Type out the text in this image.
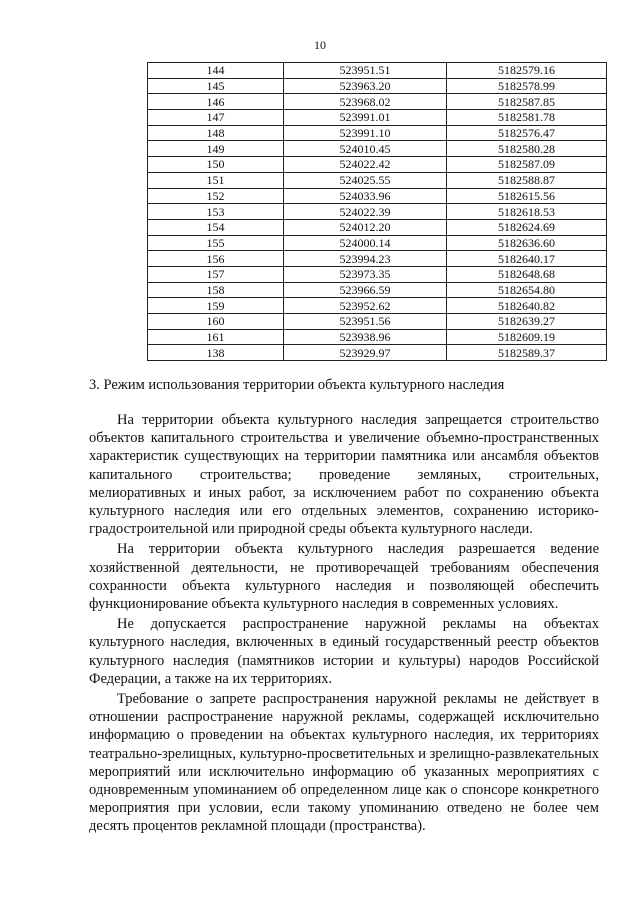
10
144	523951.51	5182579.16
145	523963.20	5182578.99
146	523968.02	5182587.85
147	523991.01	5182581.78
148	523991.10	5182576.47
149	524010.45	5182580.28
150	524022.42	5182587.09
151	524025.55	5182588.87
152	524033.96	5182615.56
153	524022.39	5182618.53
154	524012.20	5182624.69
155	524000.14	5182636.60
156	523994.23	5182640.17
157	523973.35	5182648.68
158	523966.59	5182654.80
159	523952.62	5182640.82
160	523951.56	5182639.27
161	523938.96	5182609.19
138	523929.97	5182589.37
3. Режим использования территории объекта культурного наследия

На территории объекта культурного наследия запрещается строительство объектов капитального строительства и увеличение объемно-пространственных характеристик существующих на территории памятника или ансамбля объектов капитального строительства; проведение земляных, строительных, мелиоративных и иных работ, за исключением работ по сохранению объекта культурного наследия или его отдельных элементов, сохранению историко-градостроительной или природной среды объекта культурного наследи.

На территории объекта культурного наследия разрешается ведение хозяйственной деятельности, не противоречащей требованиям обеспечения сохранности объекта культурного наследия и позволяющей обеспечить функционирование объекта культурного наследия в современных условиях.

Не допускается распространение наружной рекламы на объектах культурного наследия, включенных в единый государственный реестр объектов культурного наследия (памятников истории и культуры) народов Российской Федерации, а также на их территориях.

Требование о запрете распространения наружной рекламы не действует в отношении распространение наружной рекламы, содержащей исключительно информацию о проведении на объектах культурного наследия, их территориях театрально-зрелищных, культурно-просветительных и зрелищно-развлекательных мероприятий или исключительно информацию об указанных мероприятиях с одновременным упоминанием об определенном лице как о спонсоре конкретного мероприятия при условии, если такому упоминанию отведено не более чем десять процентов рекламной площади (пространства).
